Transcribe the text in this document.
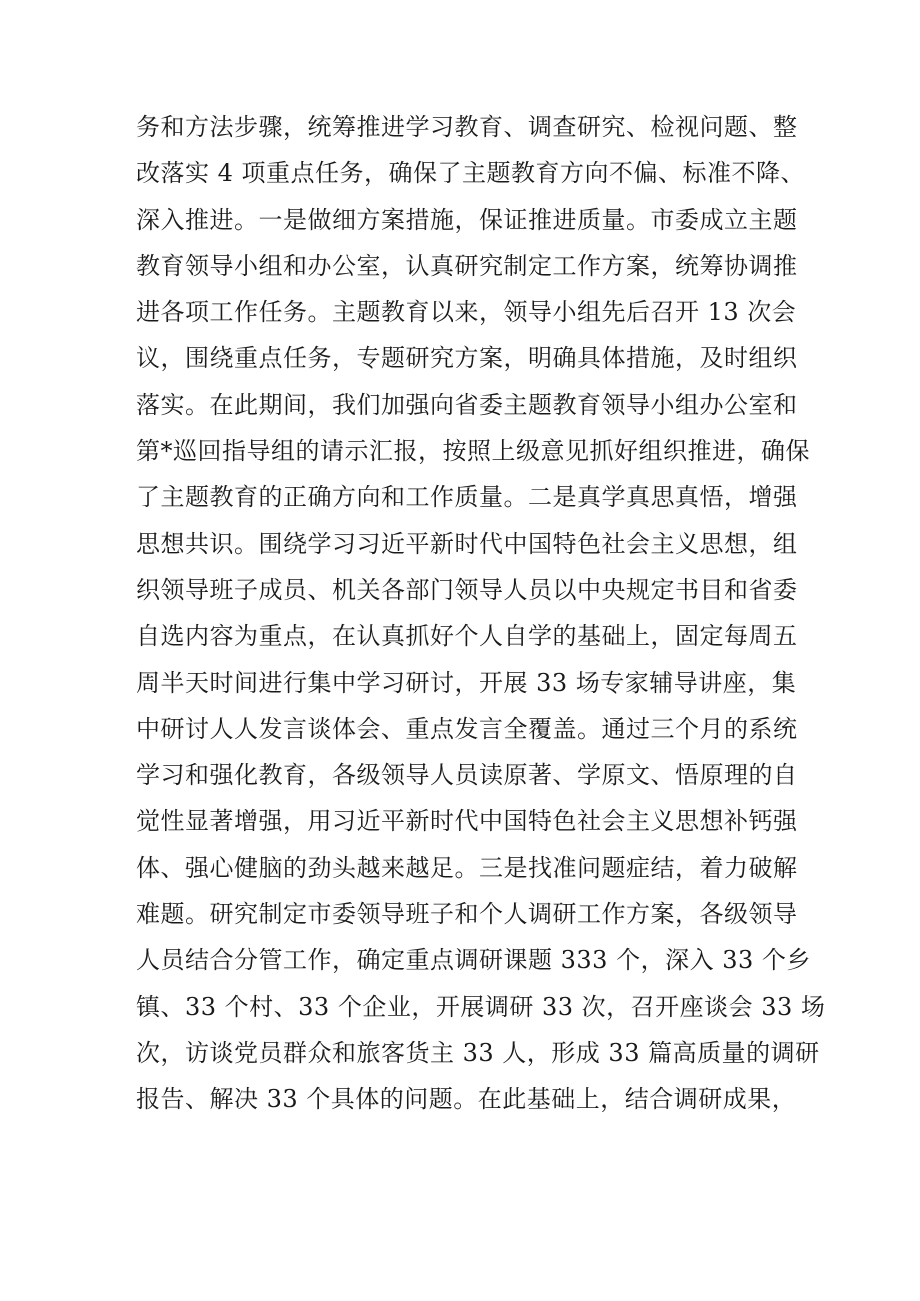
务和方法步骤，统筹推进学习教育、调查研究、检视问题、整
改落实 4 项重点任务，确保了主题教育方向不偏、标准不降、
深入推进。一是做细方案措施，保证推进质量。市委成立主题
教育领导小组和办公室，认真研究制定工作方案，统筹协调推
进各项工作任务。主题教育以来，领导小组先后召开 13 次会
议，围绕重点任务，专题研究方案，明确具体措施，及时组织
落实。在此期间，我们加强向省委主题教育领导小组办公室和
第*巡回指导组的请示汇报，按照上级意见抓好组织推进，确保
了主题教育的正确方向和工作质量。二是真学真思真悟，增强
思想共识。围绕学习习近平新时代中国特色社会主义思想，组
织领导班子成员、机关各部门领导人员以中央规定书目和省委
自选内容为重点，在认真抓好个人自学的基础上，固定每周五
周半天时间进行集中学习研讨，开展 33 场专家辅导讲座，集
中研讨人人发言谈体会、重点发言全覆盖。通过三个月的系统
学习和强化教育，各级领导人员读原著、学原文、悟原理的自
觉性显著增强，用习近平新时代中国特色社会主义思想补钙强
体、强心健脑的劲头越来越足。三是找准问题症结，着力破解
难题。研究制定市委领导班子和个人调研工作方案，各级领导
人员结合分管工作，确定重点调研课题 333 个，深入 33 个乡
镇、33 个村、33 个企业，开展调研 33 次，召开座谈会 33 场
次，访谈党员群众和旅客货主 33 人，形成 33 篇高质量的调研
报告、解决 33 个具体的问题。在此基础上，结合调研成果，
